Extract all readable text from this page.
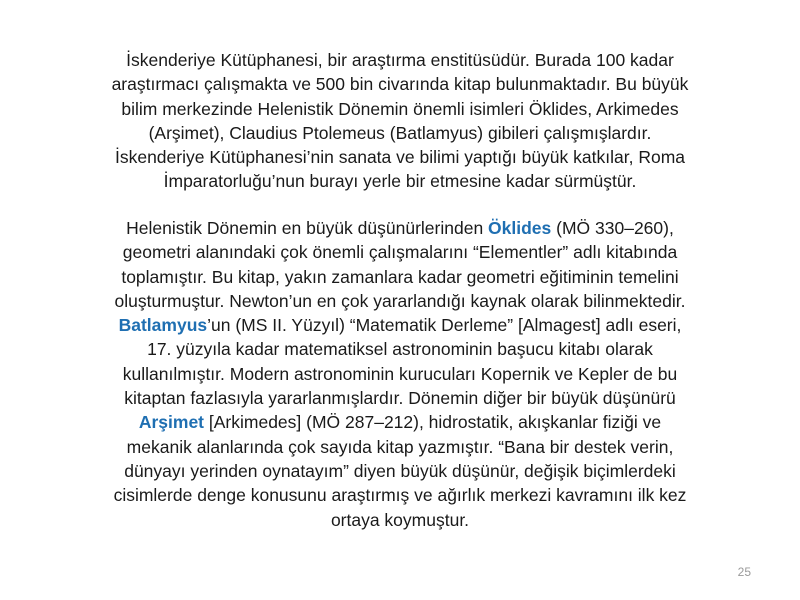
İskenderiye Kütüphanesi, bir araştırma enstitüsüdür. Burada 100 kadar
araştırmacı çalışmakta ve 500 bin civarında kitap bulunmaktadır. Bu büyük
bilim merkezinde Helenistik Dönemin önemli isimleri Öklides, Arkimedes
(Arşimet), Claudius Ptolemeus (Batlamyus) gibileri çalışmışlardır.
İskenderiye Kütüphanesi’nin sanata ve bilimi yaptığı büyük katkılar, Roma
İmparatorluğu’nun burayı yerle bir etmesine kadar sürmüştür.
Helenistik Dönemin en büyük düşünürlerinden Öklides (MÖ 330–260),
geometri alanındaki çok önemli çalışmalarını “Elementler” adlı kitabında
toplamıştır. Bu kitap, yakın zamanlara kadar geometri eğitiminin temelini
oluşturmuştur. Newton’un en çok yararlandığı kaynak olarak bilinmektedir.
Batlamyus’un (MS II. Yüzyıl) “Matematik Derleme” [Almagest] adlı eseri,
17. yüzyıla kadar matematiksel astronominin başucu kitabı olarak
kullanılmıştır. Modern astronominin kurucuları Kopernik ve Kepler de bu
kitaptan fazlasıyla yararlanmışlardır. Dönemin diğer bir büyük düşünürü
Arşimet [Arkimedes] (MÖ 287–212), hidrostatik, akışkanlar fiziği ve
mekanik alanlarında çok sayıda kitap yazmıştır. “Bana bir destek verin,
dünyayı yerinden oynatayım” diyen büyük düşünür, değişik biçimlerdeki
cisimlerde denge konusunu araştırmış ve ağırlık merkezi kavramını ilk kez
ortaya koymuştur.
25
